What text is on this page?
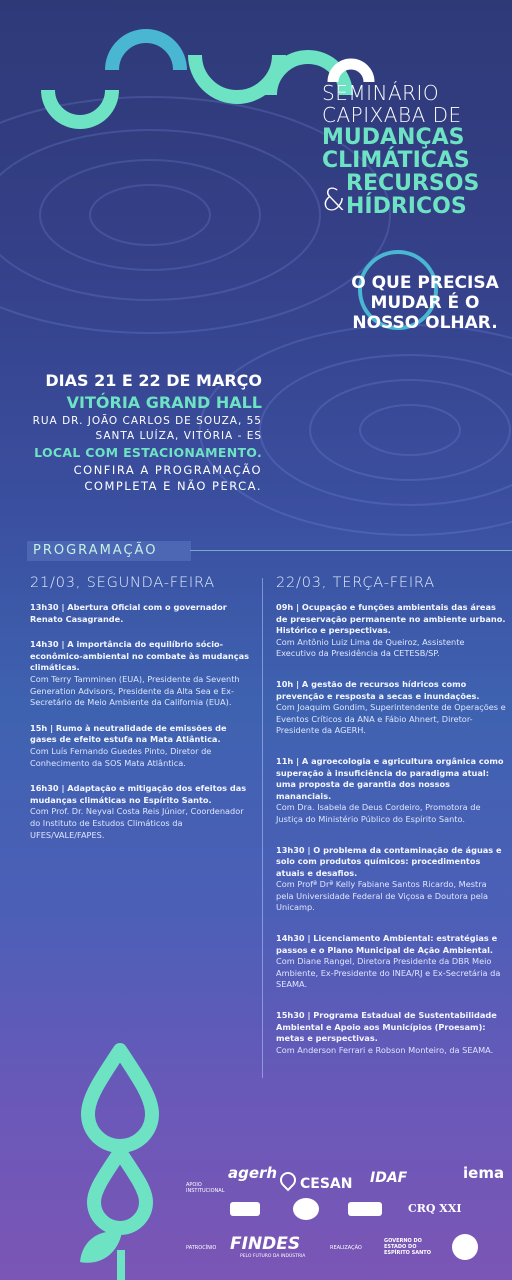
SEMINÁRIO
CAPIXABA DE
MUDANÇAS
CLIMÁTICAS
RECURSOS
HÍDRICOS
&
O QUE PRECISA
MUDAR É O
NOSSO OLHAR.
DIAS 21 E 22 DE MARÇO
VITÓRIA GRAND HALL
RUA DR. JOÃO CARLOS DE SOUZA, 55
SANTA LUÍZA, VITÓRIA - ES
LOCAL COM ESTACIONAMENTO.
CONFIRA A PROGRAMAÇÃO
COMPLETA E NÃO PERCA.
PROGRAMAÇÃO
21/03, SEGUNDA-FEIRA	22/03, TERÇA-FEIRA
13h30 | Abertura Oficial com o governador Renato Casagrande.
14h30 | A importância do equilíbrio sócio-econômico-ambiental no combate às mudanças climáticas.
Com Terry Tamminen (EUA), Presidente da Seventh Generation Advisors, Presidente da Alta Sea e Ex-Secretário de Meio Ambiente da California (EUA).
15h | Rumo à neutralidade de emissões de gases de efeito estufa na Mata Atlântica.
Com Luís Fernando Guedes Pinto, Diretor de Conhecimento da SOS Mata Atlântica.
16h30 | Adaptação e mitigação dos efeitos das mudanças climáticas no Espírito Santo.
Com Prof. Dr. Neyval Costa Reis Júnior, Coordenador do Instituto de Estudos Climáticos da UFES/VALE/FAPES.
09h | Ocupação e funções ambientais das áreas de preservação permanente no ambiente urbano. Histórico e perspectivas.
Com Antônio Luiz Lima de Queiroz, Assistente Executivo da Presidência da CETESB/SP.
10h | A gestão de recursos hídricos como prevenção e resposta a secas e inundações.
Com Joaquim Gondim, Superintendente de Operações e Eventos Críticos da ANA e Fábio Ahnert, Diretor-Presidente da AGERH.
11h | A agroecologia e agricultura orgânica como superação à insuficiência do paradigma atual: uma proposta de garantia dos nossos mananciais.
Com Dra. Isabela de Deus Cordeiro, Promotora de Justiça do Ministério Público do Espírito Santo.
13h30 | O problema da contaminação de águas e solo com produtos químicos: procedimentos atuais e desafios.
Com Profª Drª Kelly Fabiane Santos Ricardo, Mestra pela Universidade Federal de Viçosa e Doutora pela Unicamp.
14h30 | Licenciamento Ambiental: estratégias e passos e o Plano Municipal de Ação Ambiental.
Com Diane Rangel, Diretora Presidente da DBR Meio Ambiente, Ex-Presidente do INEA/RJ e Ex-Secretária da SEAMA.
15h30 | Programa Estadual de Sustentabilidade Ambiental e Apoio aos Municípios (Proesam): metas e perspectivas.
Com Anderson Ferrari e Robson Monteiro, da SEAMA.
APOIO INSTITUCIONAL
agerh
CESAN IDAF	iema
CRQ XXI
PATROCÍNIO FINDES
PELO FUTURO DA INDÚSTRIA
REALIZAÇÃO
GOVERNO DO ESTADO DO ESPÍRITO SANTO
